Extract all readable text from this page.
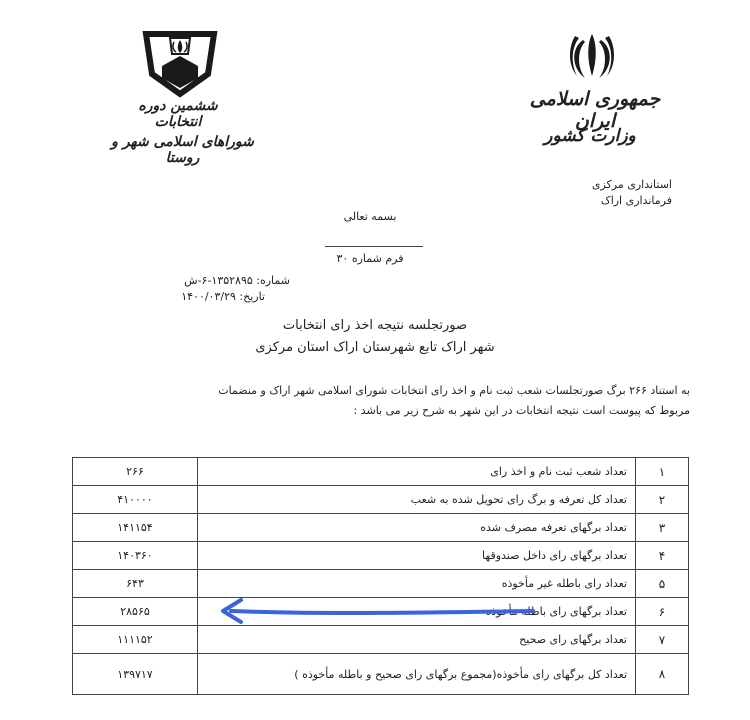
جمهوری اسلامی ایران
وزارت کشور
ششمین دوره انتخابات
شوراهای اسلامی شهر و روستا
استانداری مرکزی
فرمانداری اراک
بسمه تعالی
فرم شماره ۳۰
شماره: ۱۳۵۲۸۹۵-۶-ش
تاریخ: ۱۴۰۰/۰۳/۲۹
صورتجلسه نتیجه اخذ رای انتخابات
شهر اراک تابع شهرستان اراک استان مرکزی
به استناد ۲۶۶ برگ صورتجلسات شعب ثبت نام و اخذ رای انتخابات شورای اسلامی شهر اراک و منضمات
مربوط که پیوست است نتیجه انتخابات در این شهر به شرح زیر می باشد :
۱	تعداد شعب ثبت نام و اخذ رای	۲۶۶
۲	تعداد کل تعرفه و برگ رای تحویل شده به شعب	۴۱۰۰۰۰
۳	تعداد برگهای تعرفه مصرف شده	۱۴۱۱۵۴
۴	تعداد برگهای رای داخل صندوقها	۱۴۰۳۶۰
۵	تعداد رای باطله غیر مأخوذه	۶۴۳
۶	تعداد برگهای رای باطله مأخوذه	۲۸۵۶۵
۷	تعداد برگهای رای صحیح	۱۱۱۱۵۲
۸	تعداد کل برگهای رای مأخوذه(مجموع برگهای رای صحیح و باطله مأخوذه )	۱۳۹۷۱۷
